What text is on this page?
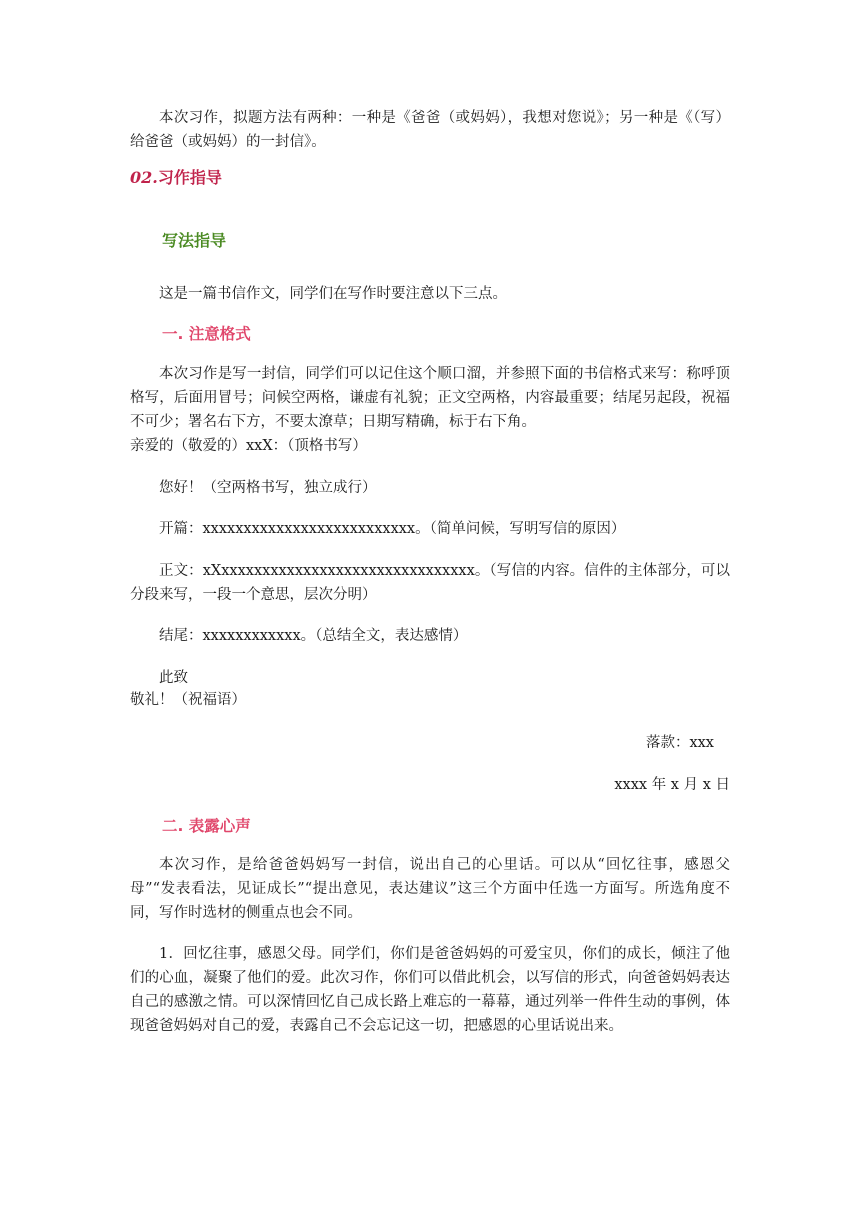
本次习作，拟题方法有两种：一种是《爸爸（或妈妈），我想对您说》；另一种是《（写）给爸爸（或妈妈）的一封信》。

02.习作指导
写法指导

这是一篇书信作文，同学们在写作时要注意以下三点。

一. 注意格式

本次习作是写一封信，同学们可以记住这个顺口溜，并参照下面的书信格式来写：称呼顶格写，后面用冒号；问候空两格，谦虚有礼貌；正文空两格，内容最重要；结尾另起段，祝福不可少；署名右下方，不要太潦草；日期写精确，标于右下角。

亲爱的（敬爱的）xxX：（顶格书写）

您好！（空两格书写，独立成行）

开篇：xxxxxxxxxxxxxxxxxxxxxxxxxx。（简单问候，写明写信的原因）

正文：xXxxxxxxxxxxxxxxxxxxxxxxxxxxxxxxx。（写信的内容。信件的主体部分，可以分段来写，一段一个意思，层次分明）

结尾：xxxxxxxxxxxx。（总结全文，表达感情）

此致

敬礼！（祝福语）

落款：xxx

xxxx 年 x 月 x 日

二. 表露心声

本次习作，是给爸爸妈妈写一封信，说出自己的心里话。可以从“回忆往事，感恩父母”“发表看法，见证成长”“提出意见，表达建议”这三个方面中任选一方面写。所选角度不同，写作时选材的侧重点也会不同。

1．回忆往事，感恩父母。同学们，你们是爸爸妈妈的可爱宝贝，你们的成长，倾注了他们的心血，凝聚了他们的爱。此次习作，你们可以借此机会，以写信的形式，向爸爸妈妈表达自己的感激之情。可以深情回忆自己成长路上难忘的一幕幕，通过列举一件件生动的事例，体现爸爸妈妈对自己的爱，表露自己不会忘记这一切，把感恩的心里话说出来。
